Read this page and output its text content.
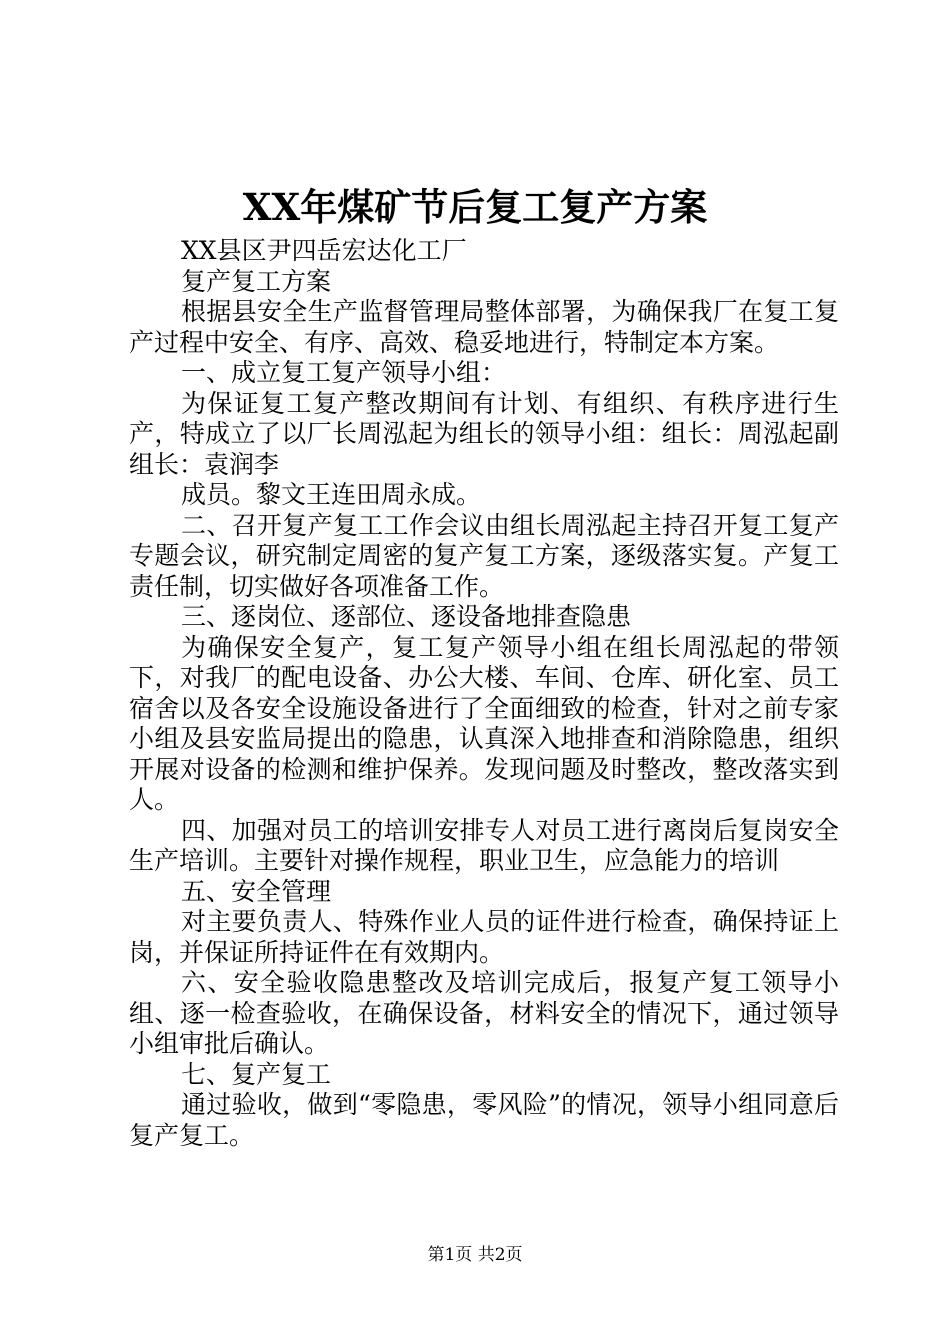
XX年煤矿节后复工复产方案

XX县区尹四岳宏达化工厂

复产复工方案

根据县安全生产监督管理局整体部署，为确保我厂在复工复产过程中安全、有序、高效、稳妥地进行，特制定本方案。

一、成立复工复产领导小组：

为保证复工复产整改期间有计划、有组织、有秩序进行生产，特成立了以厂长周泓起为组长的领导小组：组长：周泓起副组长：袁润李

成员。黎文王连田周永成。

二、召开复产复工工作会议由组长周泓起主持召开复工复产专题会议，研究制定周密的复产复工方案，逐级落实复。产复工责任制，切实做好各项准备工作。

三、逐岗位、逐部位、逐设备地排查隐患

为确保安全复产，复工复产领导小组在组长周泓起的带领下，对我厂的配电设备、办公大楼、车间、仓库、研化室、员工宿舍以及各安全设施设备进行了全面细致的检查，针对之前专家小组及县安监局提出的隐患，认真深入地排查和消除隐患，组织开展对设备的检测和维护保养。发现问题及时整改，整改落实到人。

四、加强对员工的培训安排专人对员工进行离岗后复岗安全生产培训。主要针对操作规程，职业卫生，应急能力的培训

五、安全管理

对主要负责人、特殊作业人员的证件进行检查，确保持证上岗，并保证所持证件在有效期内。

六、安全验收隐患整改及培训完成后，报复产复工领导小组、逐一检查验收，在确保设备，材料安全的情况下，通过领导小组审批后确认。

七、复产复工

通过验收，做到“零隐患，零风险”的情况，领导小组同意后复产复工。

第1页 共2页
